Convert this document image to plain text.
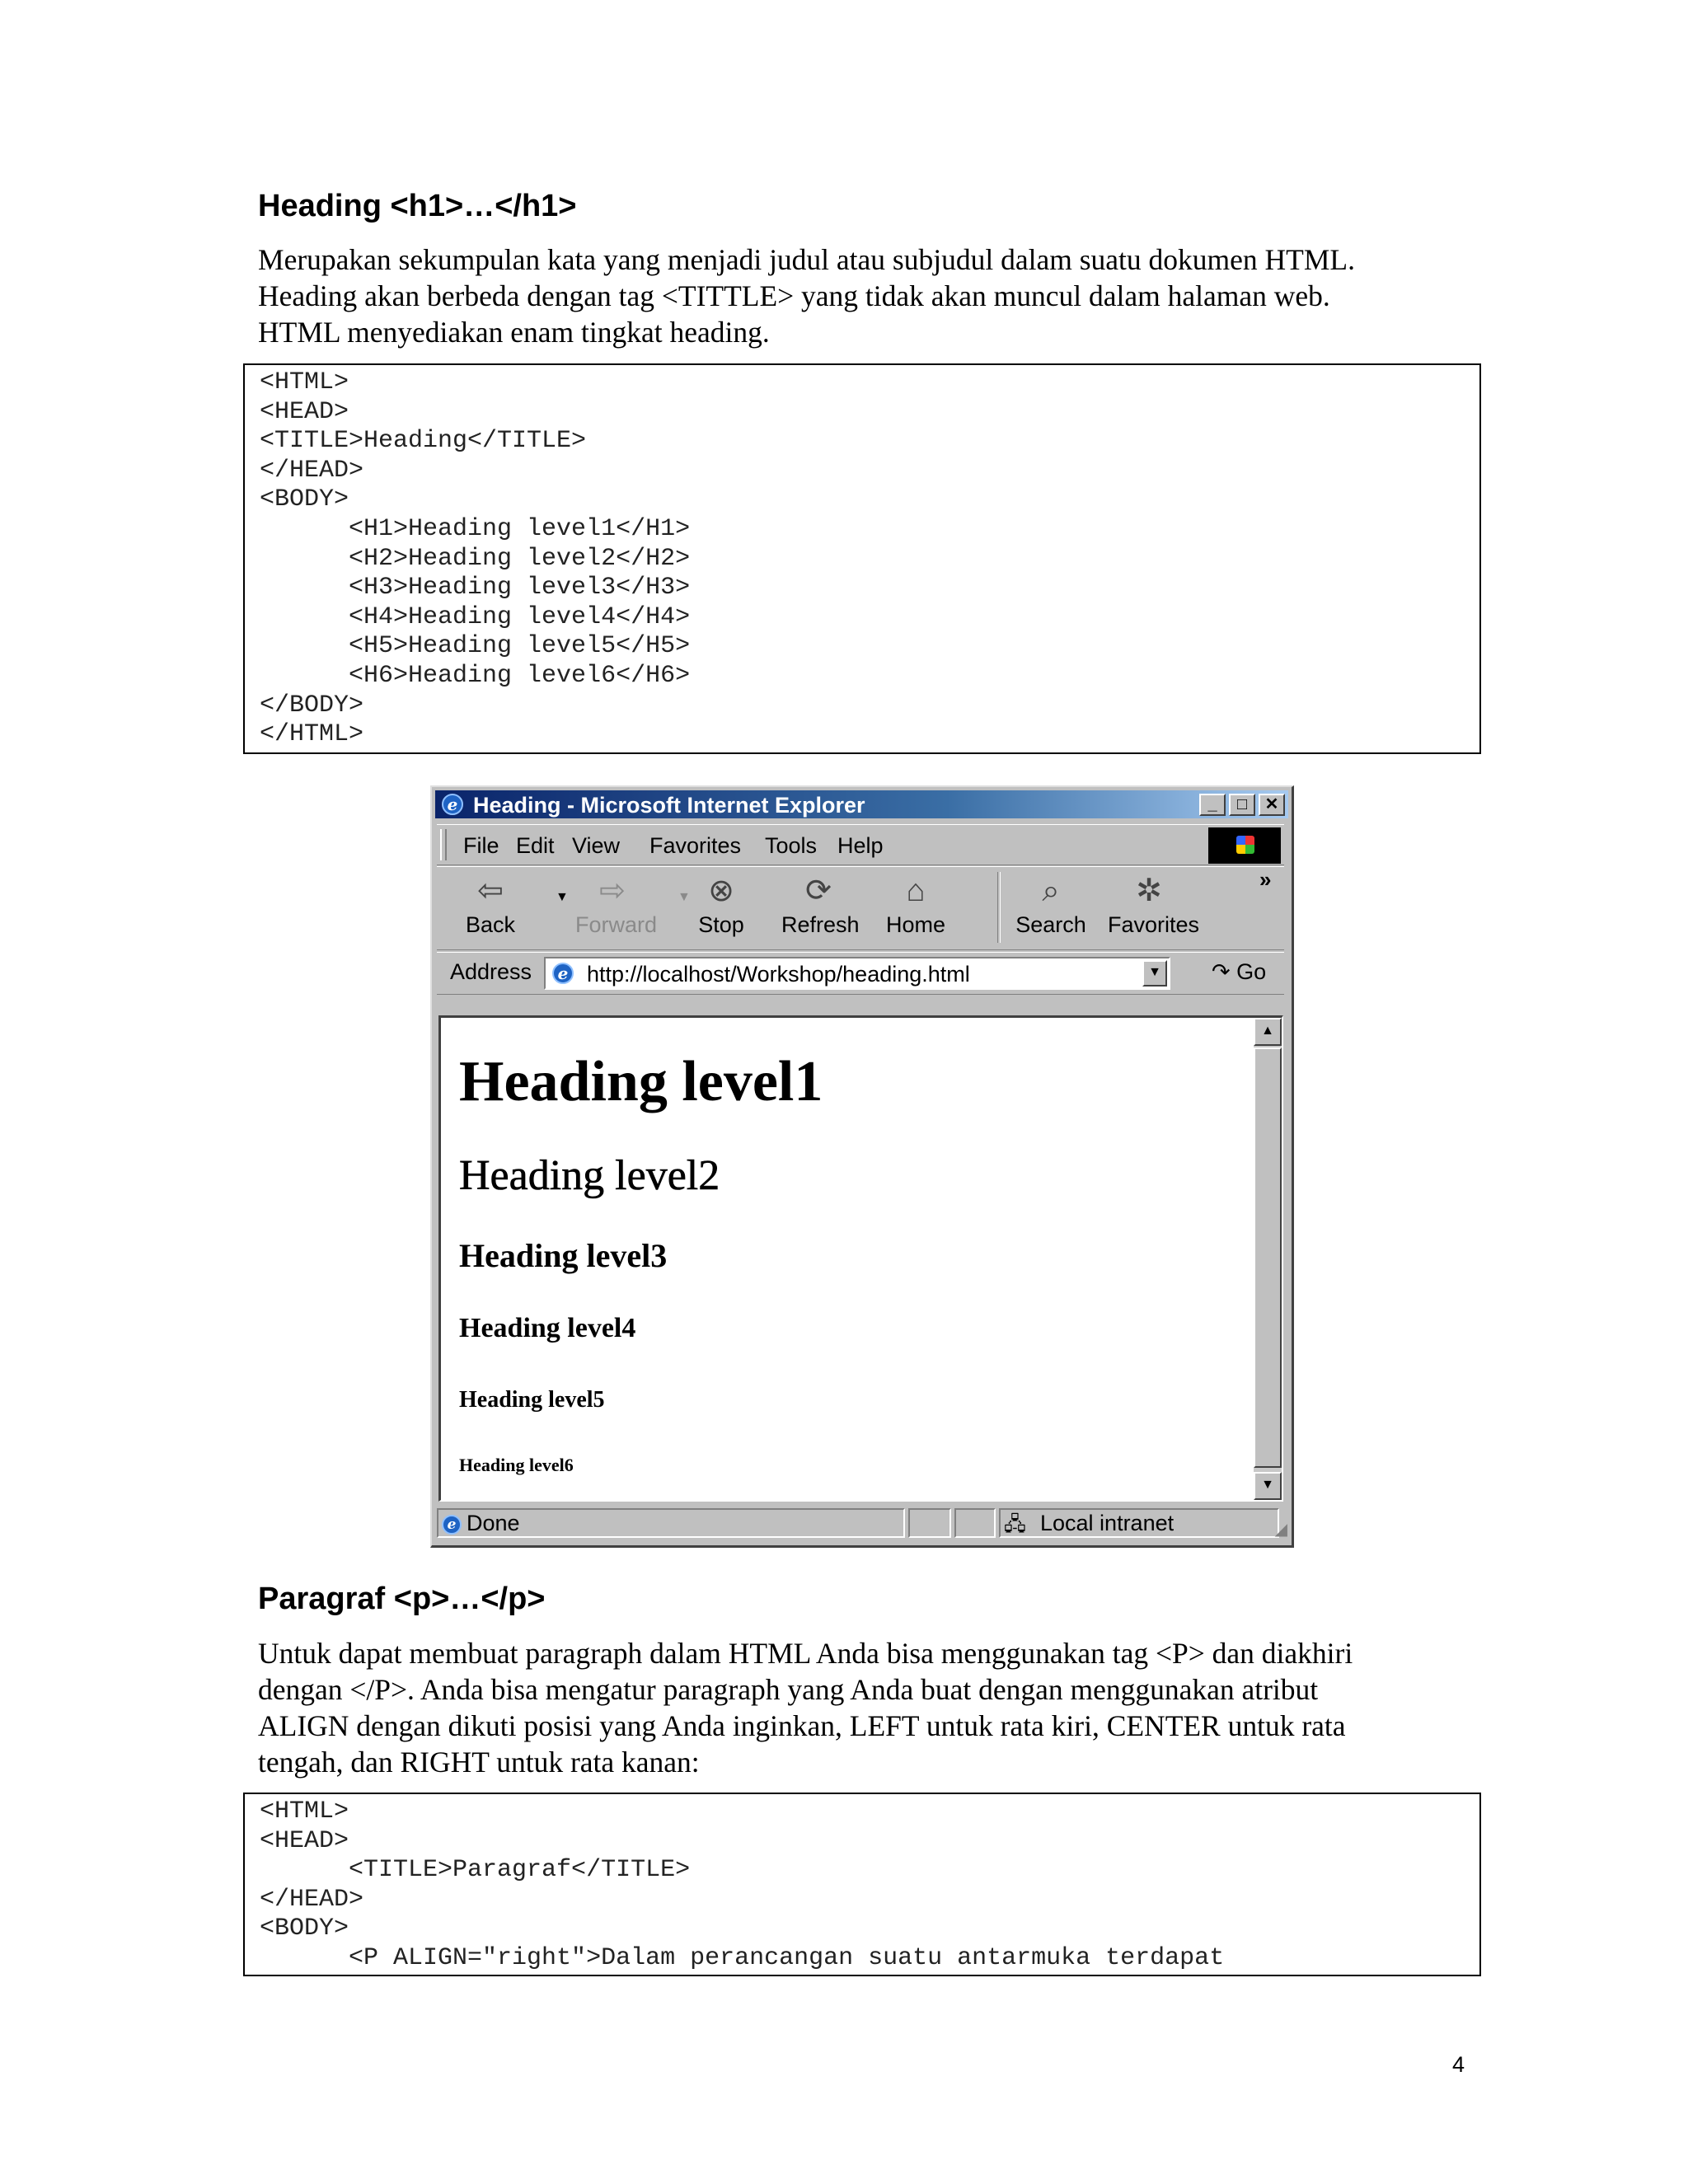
Heading <h1>…</h1>
Merupakan sekumpulan kata yang menjadi judul atau subjudul dalam suatu dokumen HTML.
Heading akan berbeda dengan tag <TITTLE> yang tidak akan muncul dalam halaman web.
HTML menyediakan enam tingkat heading.
<HTML>
<HEAD>
<TITLE>Heading</TITLE>
</HEAD>
<BODY>
<H1>Heading level1</H1>
<H2>Heading level2</H2>
<H3>Heading level3</H3>
<H4>Heading level4</H4>
<H5>Heading level5</H5>
<H6>Heading level6</H6>
</BODY>
</HTML>
e Heading - Microsoft Internet Explorer	_	□	✕
File Edit View Favorites Tools Help
⇦
Back
▼ ⇨
Forward
▼ ⊗
Stop
⟳
Refresh
⌂
Home
⌕
Search
✲
Favorites
»
Address	e http://localhost/Workshop/heading.html	▼ ↷ Go
Heading level1
Heading level2
Heading level3
Heading level4
Heading level5
Heading level6
▲
▼
e Done	🖧 Local intranet	◢
Paragraf <p>…</p>
Untuk dapat membuat paragraph dalam HTML Anda bisa menggunakan tag <P> dan diakhiri
dengan </P>. Anda bisa mengatur paragraph yang Anda buat dengan menggunakan atribut
ALIGN dengan dikuti posisi yang Anda inginkan, LEFT untuk rata kiri, CENTER untuk rata
tengah, dan RIGHT untuk rata kanan:
<HTML>
<HEAD>
<TITLE>Paragraf</TITLE>
</HEAD>
<BODY>
<P ALIGN="right">Dalam perancangan suatu antarmuka terdapat
4
